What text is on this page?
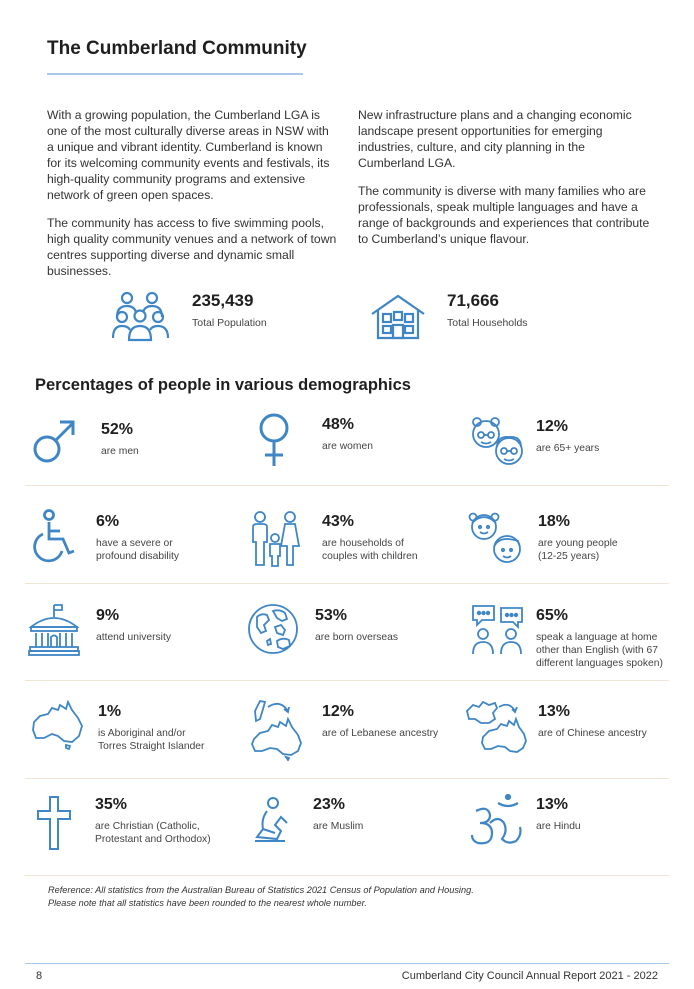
The Cumberland Community

With a growing population, the Cumberland LGA is one of the most culturally diverse areas in NSW with a unique and vibrant identity. Cumberland is known for its welcoming community events and festivals, its high-quality community programs and extensive network of green open spaces.

The community has access to five swimming pools, high quality community venues and a network of town centres supporting diverse and dynamic small businesses.

New infrastructure plans and a changing economic landscape present opportunities for emerging industries, culture, and city planning in the Cumberland LGA.

The community is diverse with many families who are professionals, speak multiple languages and have a range of backgrounds and experiences that contribute to Cumberland’s unique flavour.

235,439
Total Population
71,666
Total Households
Percentages of people in various demographics
52%
are men
48%
are women
12%
are 65+ years
6%
have a severe or
profound disability
43%
are households of
couples with children
18%
are young people
(12-25 years)
9%
attend university
53%
are born overseas
65%
speak a language at home
other than English (with 67
different languages spoken)
1%
is Aboriginal and/or
Torres Straight Islander
12%
are of Lebanese ancestry
13%
are of Chinese ancestry
35%
are Christian (Catholic,
Protestant and Orthodox)
23%
are Muslim
13%
are Hindu
Reference: All statistics from the Australian Bureau of Statistics 2021 Census of Population and Housing.
Please note that all statistics have been rounded to the nearest whole number.
8	Cumberland City Council Annual Report 2021 - 2022
